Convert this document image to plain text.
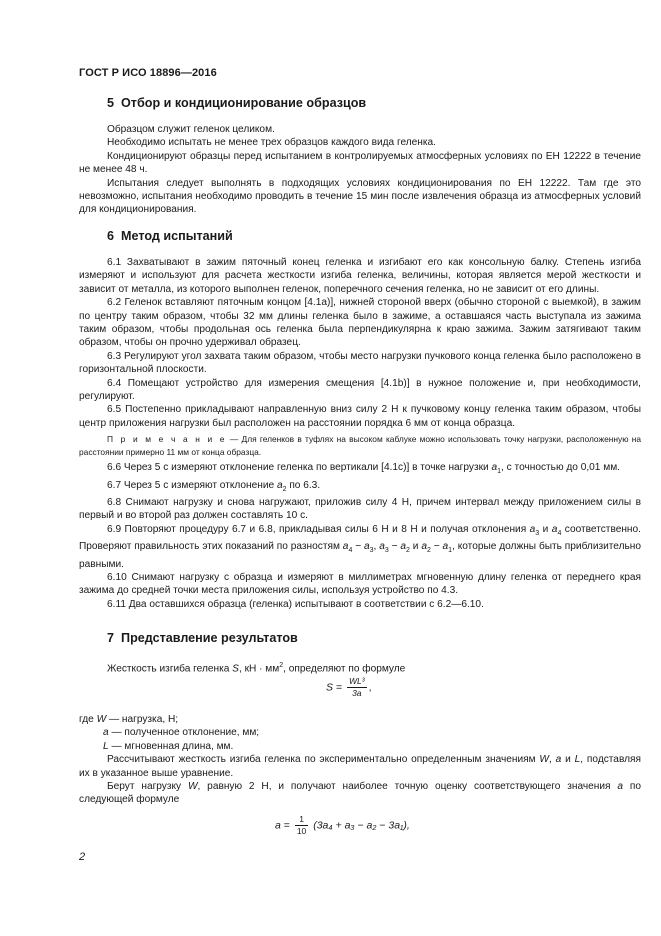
ГОСТ Р ИСО 18896—2016
5 Отбор и кондиционирование образцов

Образцом служит геленок целиком.

Необходимо испытать не менее трех образцов каждого вида геленка.

Кондиционируют образцы перед испытанием в контролируемых атмосферных условиях по ЕН 12222 в течение не менее 48 ч.

Испытания следует выполнять в подходящих условиях кондиционирования по ЕН 12222. Там где это невозможно, испытания необходимо проводить в течение 15 мин после извлечения образца из атмосферных условий для кондиционирования.

6 Метод испытаний

6.1 Захватывают в зажим пяточный конец геленка и изгибают его как консольную балку. Степень изгиба измеряют и используют для расчета жесткости изгиба геленка, величины, которая является мерой жесткости и зависит от металла, из которого выполнен геленок, поперечного сечения геленка, но не зависит от его длины.

6.2 Геленок вставляют пяточным концом [4.1а)], нижней стороной вверх (обычно стороной с выемкой), в зажим по центру таким образом, чтобы 32 мм длины геленка было в зажиме, а оставшаяся часть выступала из зажима таким образом, чтобы продольная ось геленка была перпендикулярна к краю зажима. Зажим затягивают таким образом, чтобы он прочно удерживал образец.

6.3 Регулируют угол захвата таким образом, чтобы место нагрузки пучкового конца геленка было расположено в горизонтальной плоскости.

6.4 Помещают устройство для измерения смещения [4.1b)] в нужное положение и, при необходимости, регулируют.

6.5 Постепенно прикладывают направленную вниз силу 2 Н к пучковому концу геленка таким образом, чтобы центр приложения нагрузки был расположен на расстоянии порядка 6 мм от конца образца.

П р и м е ч а н и е — Для геленков в туфлях на высоком каблуке можно использовать точку нагрузки, расположенную на расстоянии примерно 11 мм от конца образца.

6.6 Через 5 с измеряют отклонение геленка по вертикали [4.1с)] в точке нагрузки $a_1$, с точностью до 0,01 мм.

6.7 Через 5 с измеряют отклонение $a_2$ по 6.3.

6.8 Снимают нагрузку и снова нагружают, приложив силу 4 Н, причем интервал между приложением силы в первый и во второй раз должен составлять 10 с.

6.9 Повторяют процедуру 6.7 и 6.8, прикладывая силы 6 Н и 8 Н и получая отклонения $a_3$ и $a_4$ соответственно. Проверяют правильность этих показаний по разностям $a_4 - a_3$, $a_3 - a_2$ и $a_2 - a_1$, которые должны быть приблизительно равными.

6.10 Снимают нагрузку с образца и измеряют в миллиметрах мгновенную длину геленка от переднего края зажима до средней точки места приложения силы, используя устройство по 4.3.

6.11 Два оставшихся образца (геленка) испытывают в соответствии с 6.2—6.10.

7 Представление результатов

Жесткость изгиба геленка S, кН · $мм^2$, определяют по формуле

$S = \frac{\text{WL³}}{3a}$ ,

где W — нагрузка, Н;

a — полученное отклонение, мм;

L — мгновенная длина, мм.

Рассчитывают жесткость изгиба геленка по экспериментально определенным значениям W, a и L, подставляя их в указанное выше уравнение.

Берут нагрузку W, равную 2 Н, и получают наиболее точную оценку соответствующего значения a по следующей формуле

$a = \frac{1}{10} (3a_4 + a_3 - a_2 - 3a_1)$,
2
